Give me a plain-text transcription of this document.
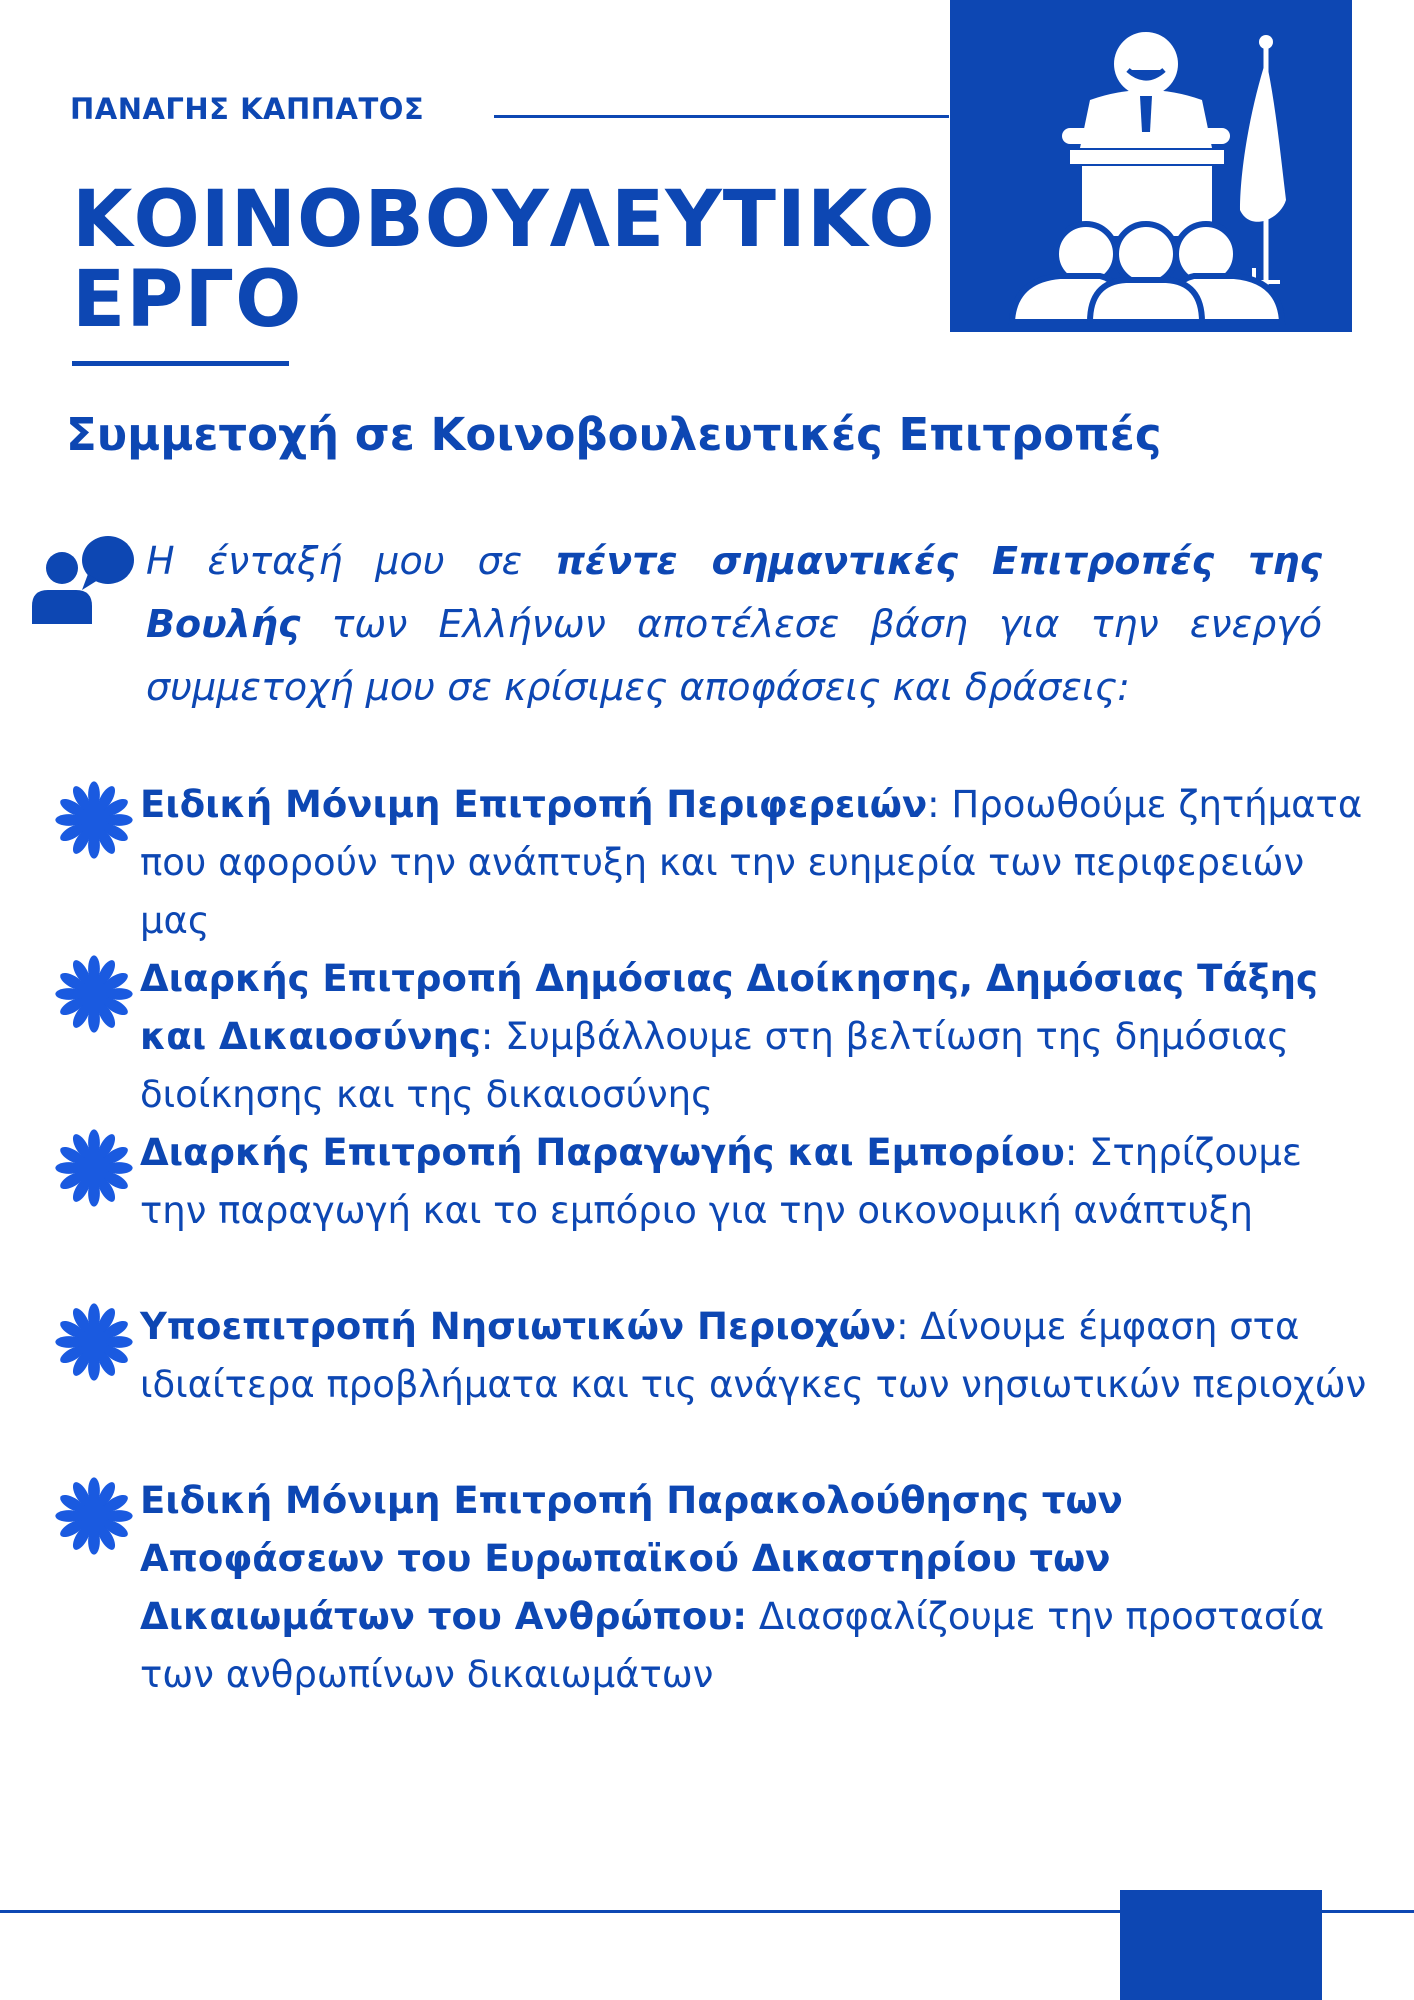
ΠΑΝΑΓΗΣ ΚΑΠΠΑΤΟΣ
ΚΟΙΝΟΒΟΥΛΕΥΤΙΚΟ
ΕΡΓΟ
Συμμετοχή σε Κοινοβουλευτικές Επιτροπές
Η ένταξή μου σε πέντε σημαντικές Επιτροπές της Βουλής των Ελλήνων αποτέλεσε βάση για την ενεργό συμμετοχή μου σε κρίσιμες αποφάσεις και δράσεις:
Ειδική Μόνιμη Επιτροπή Περιφερειών: Προωθούμε ζητήματα που αφορούν την ανάπτυξη και την ευημερία των περιφερειών μας
Διαρκής Επιτροπή Δημόσιας Διοίκησης, Δημόσιας Τάξης και Δικαιοσύνης: Συμβάλλουμε στη βελτίωση της δημόσιας διοίκησης και της δικαιοσύνης
Διαρκής Επιτροπή Παραγωγής και Εμπορίου: Στηρίζουμε την παραγωγή και το εμπόριο για την οικονομική ανάπτυξη
Υποεπιτροπή Νησιωτικών Περιοχών: Δίνουμε έμφαση στα ιδιαίτερα προβλήματα και τις ανάγκες των νησιωτικών περιοχών
Ειδική Μόνιμη Επιτροπή Παρακολούθησης των Αποφάσεων του Ευρωπαϊκού Δικαστηρίου των Δικαιωμάτων του Ανθρώπου: Διασφαλίζουμε την προστασία των ανθρωπίνων δικαιωμάτων
